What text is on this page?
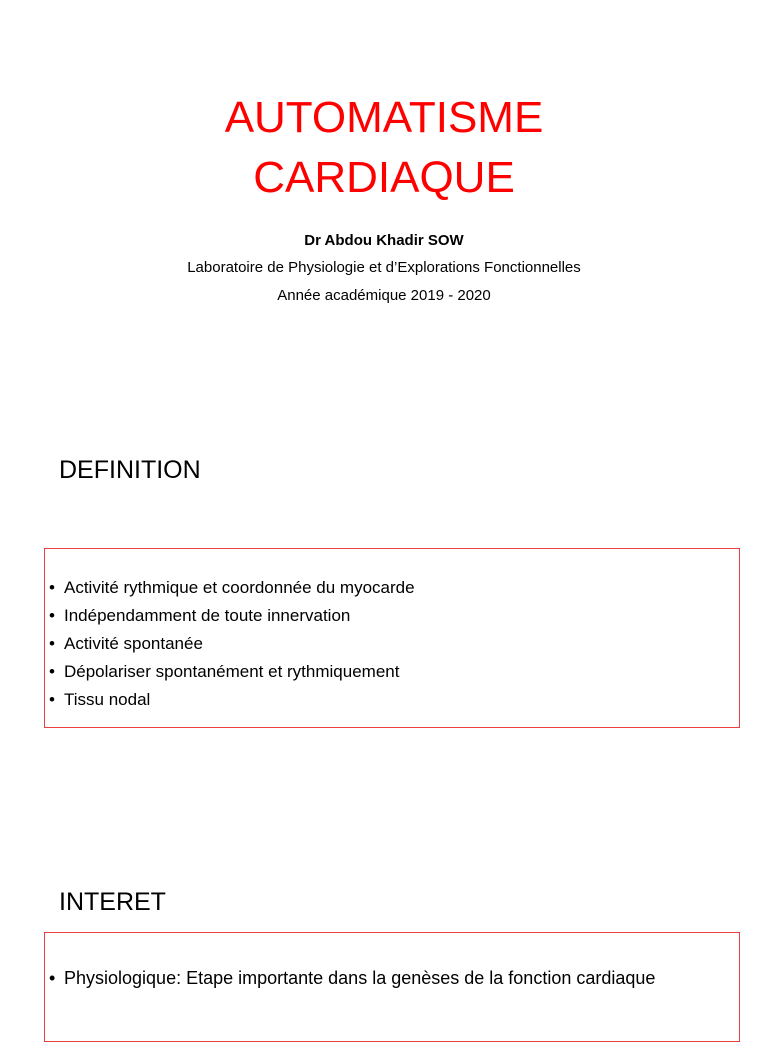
AUTOMATISME
CARDIAQUE
Dr Abdou Khadir SOW
Laboratoire de Physiologie et d’Explorations Fonctionnelles
Année académique 2019 - 2020
DEFINITION
• Activité rythmique et coordonnée du myocarde
• Indépendamment de toute innervation
• Activité spontanée
• Dépolariser spontanément et rythmiquement
• Tissu nodal
INTERET
• Physiologique: Etape importante dans la genèses de la fonction cardiaque
